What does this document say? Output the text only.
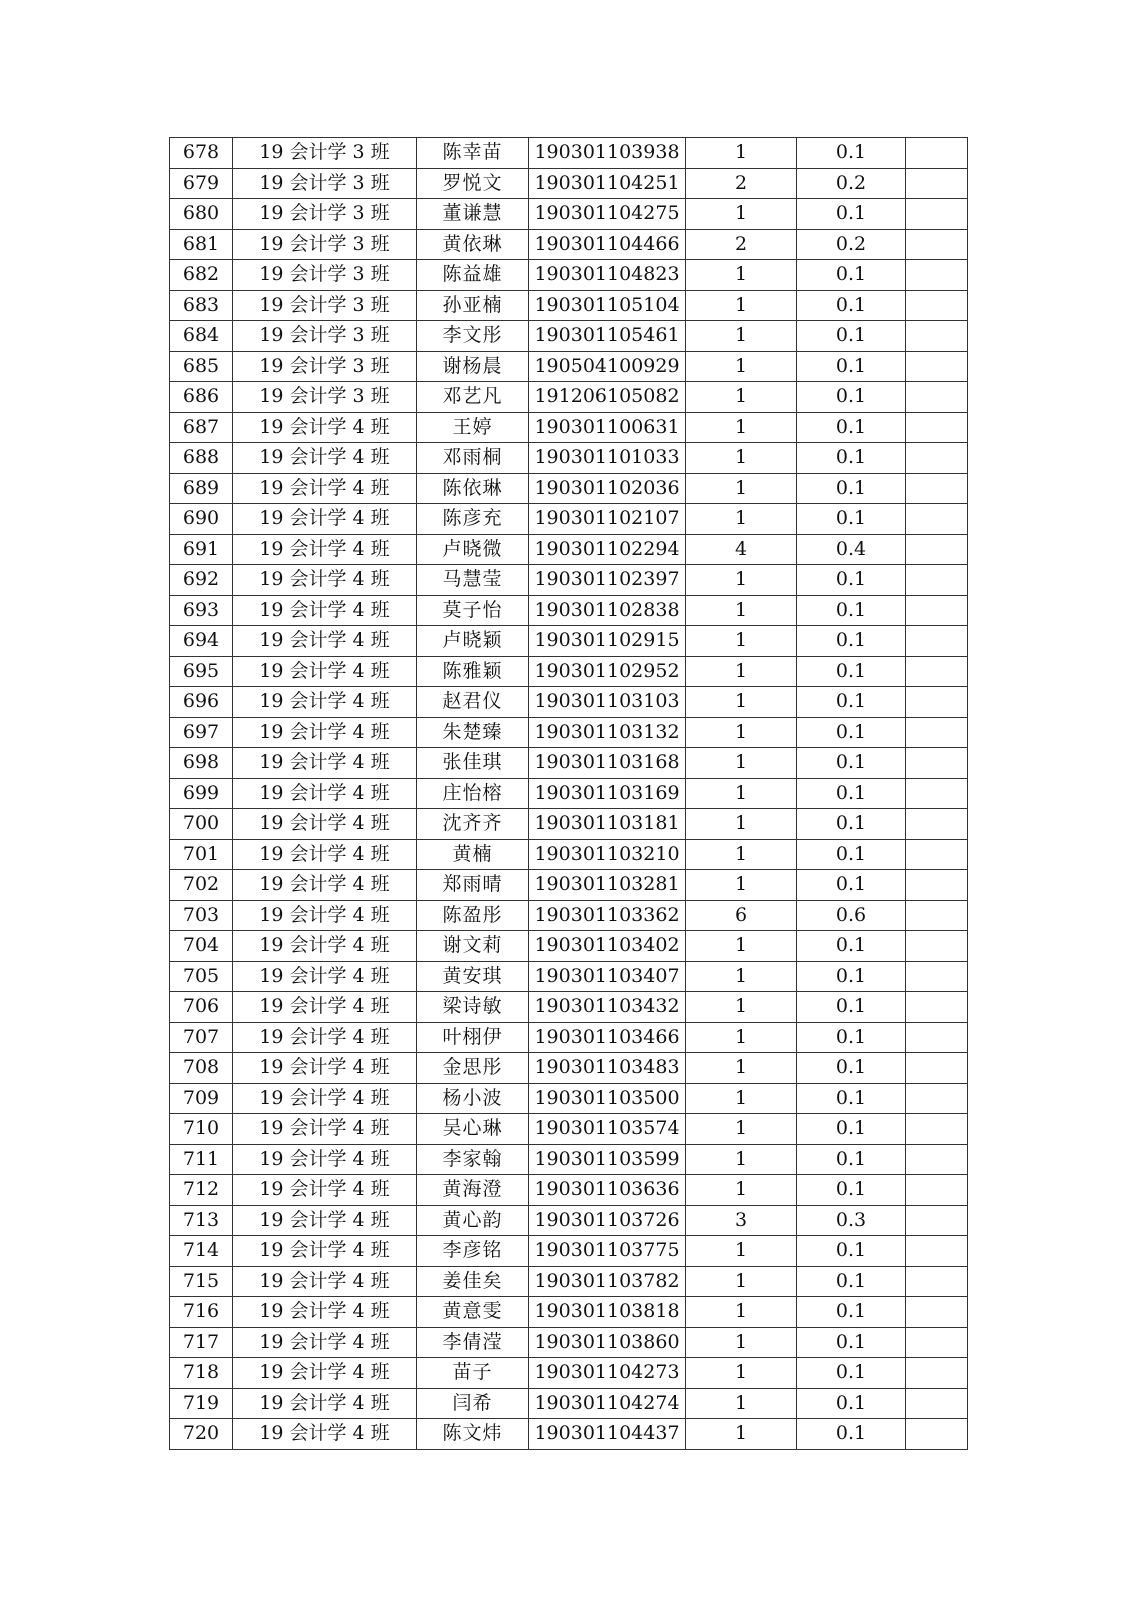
678	19 会计学 3 班	陈幸苗	190301103938	1	0.1	
679	19 会计学 3 班	罗悦文	190301104251	2	0.2	
680	19 会计学 3 班	董谦慧	190301104275	1	0.1	
681	19 会计学 3 班	黄依琳	190301104466	2	0.2	
682	19 会计学 3 班	陈益雄	190301104823	1	0.1	
683	19 会计学 3 班	孙亚楠	190301105104	1	0.1	
684	19 会计学 3 班	李文彤	190301105461	1	0.1	
685	19 会计学 3 班	谢杨晨	190504100929	1	0.1	
686	19 会计学 3 班	邓艺凡	191206105082	1	0.1	
687	19 会计学 4 班	王婷	190301100631	1	0.1	
688	19 会计学 4 班	邓雨桐	190301101033	1	0.1	
689	19 会计学 4 班	陈依琳	190301102036	1	0.1	
690	19 会计学 4 班	陈彦充	190301102107	1	0.1	
691	19 会计学 4 班	卢晓微	190301102294	4	0.4	
692	19 会计学 4 班	马慧莹	190301102397	1	0.1	
693	19 会计学 4 班	莫子怡	190301102838	1	0.1	
694	19 会计学 4 班	卢晓颖	190301102915	1	0.1	
695	19 会计学 4 班	陈雅颖	190301102952	1	0.1	
696	19 会计学 4 班	赵君仪	190301103103	1	0.1	
697	19 会计学 4 班	朱楚臻	190301103132	1	0.1	
698	19 会计学 4 班	张佳琪	190301103168	1	0.1	
699	19 会计学 4 班	庄怡榕	190301103169	1	0.1	
700	19 会计学 4 班	沈齐齐	190301103181	1	0.1	
701	19 会计学 4 班	黄楠	190301103210	1	0.1	
702	19 会计学 4 班	郑雨晴	190301103281	1	0.1	
703	19 会计学 4 班	陈盈彤	190301103362	6	0.6	
704	19 会计学 4 班	谢文莉	190301103402	1	0.1	
705	19 会计学 4 班	黄安琪	190301103407	1	0.1	
706	19 会计学 4 班	梁诗敏	190301103432	1	0.1	
707	19 会计学 4 班	叶栩伊	190301103466	1	0.1	
708	19 会计学 4 班	金思彤	190301103483	1	0.1	
709	19 会计学 4 班	杨小波	190301103500	1	0.1	
710	19 会计学 4 班	吴心琳	190301103574	1	0.1	
711	19 会计学 4 班	李家翰	190301103599	1	0.1	
712	19 会计学 4 班	黄海澄	190301103636	1	0.1	
713	19 会计学 4 班	黄心韵	190301103726	3	0.3	
714	19 会计学 4 班	李彦铭	190301103775	1	0.1	
715	19 会计学 4 班	姜佳矣	190301103782	1	0.1	
716	19 会计学 4 班	黄意雯	190301103818	1	0.1	
717	19 会计学 4 班	李倩滢	190301103860	1	0.1	
718	19 会计学 4 班	苗子	190301104273	1	0.1	
719	19 会计学 4 班	闫希	190301104274	1	0.1	
720	19 会计学 4 班	陈文炜	190301104437	1	0.1	
